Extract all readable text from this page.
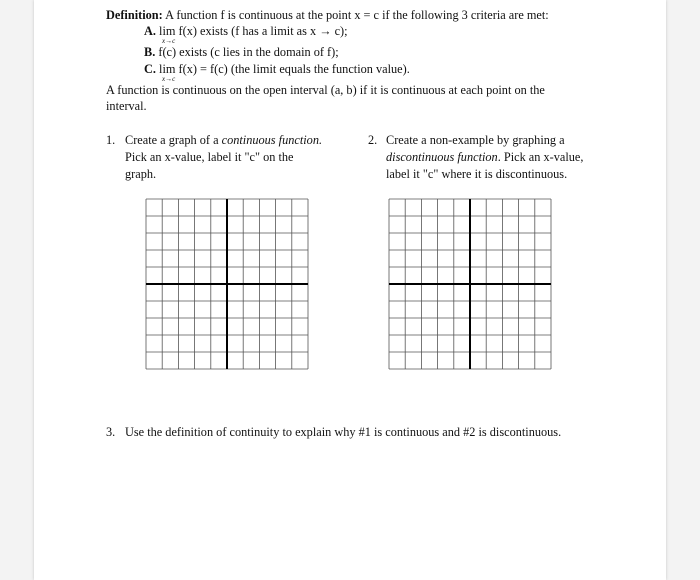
Definition: A function f is continuous at the point x = c if the following 3 criteria are met:
A. lim f(x) exists (f has a limit as x → c);
x→c
B. f(c) exists (c lies in the domain of f);
C. lim f(x) = f(c) (the limit equals the function value).
x→c
A function is continuous on the open interval (a, b) if it is continuous at each point on the
interval.
1. Create a graph of a continuous function.
Pick an x-value, label it "c" on the
graph.
2. Create a non-example by graphing a
discontinuous function. Pick an x-value,
label it "c" where it is discontinuous.
3. Use the definition of continuity to explain why #1 is continuous and #2 is discontinuous.
